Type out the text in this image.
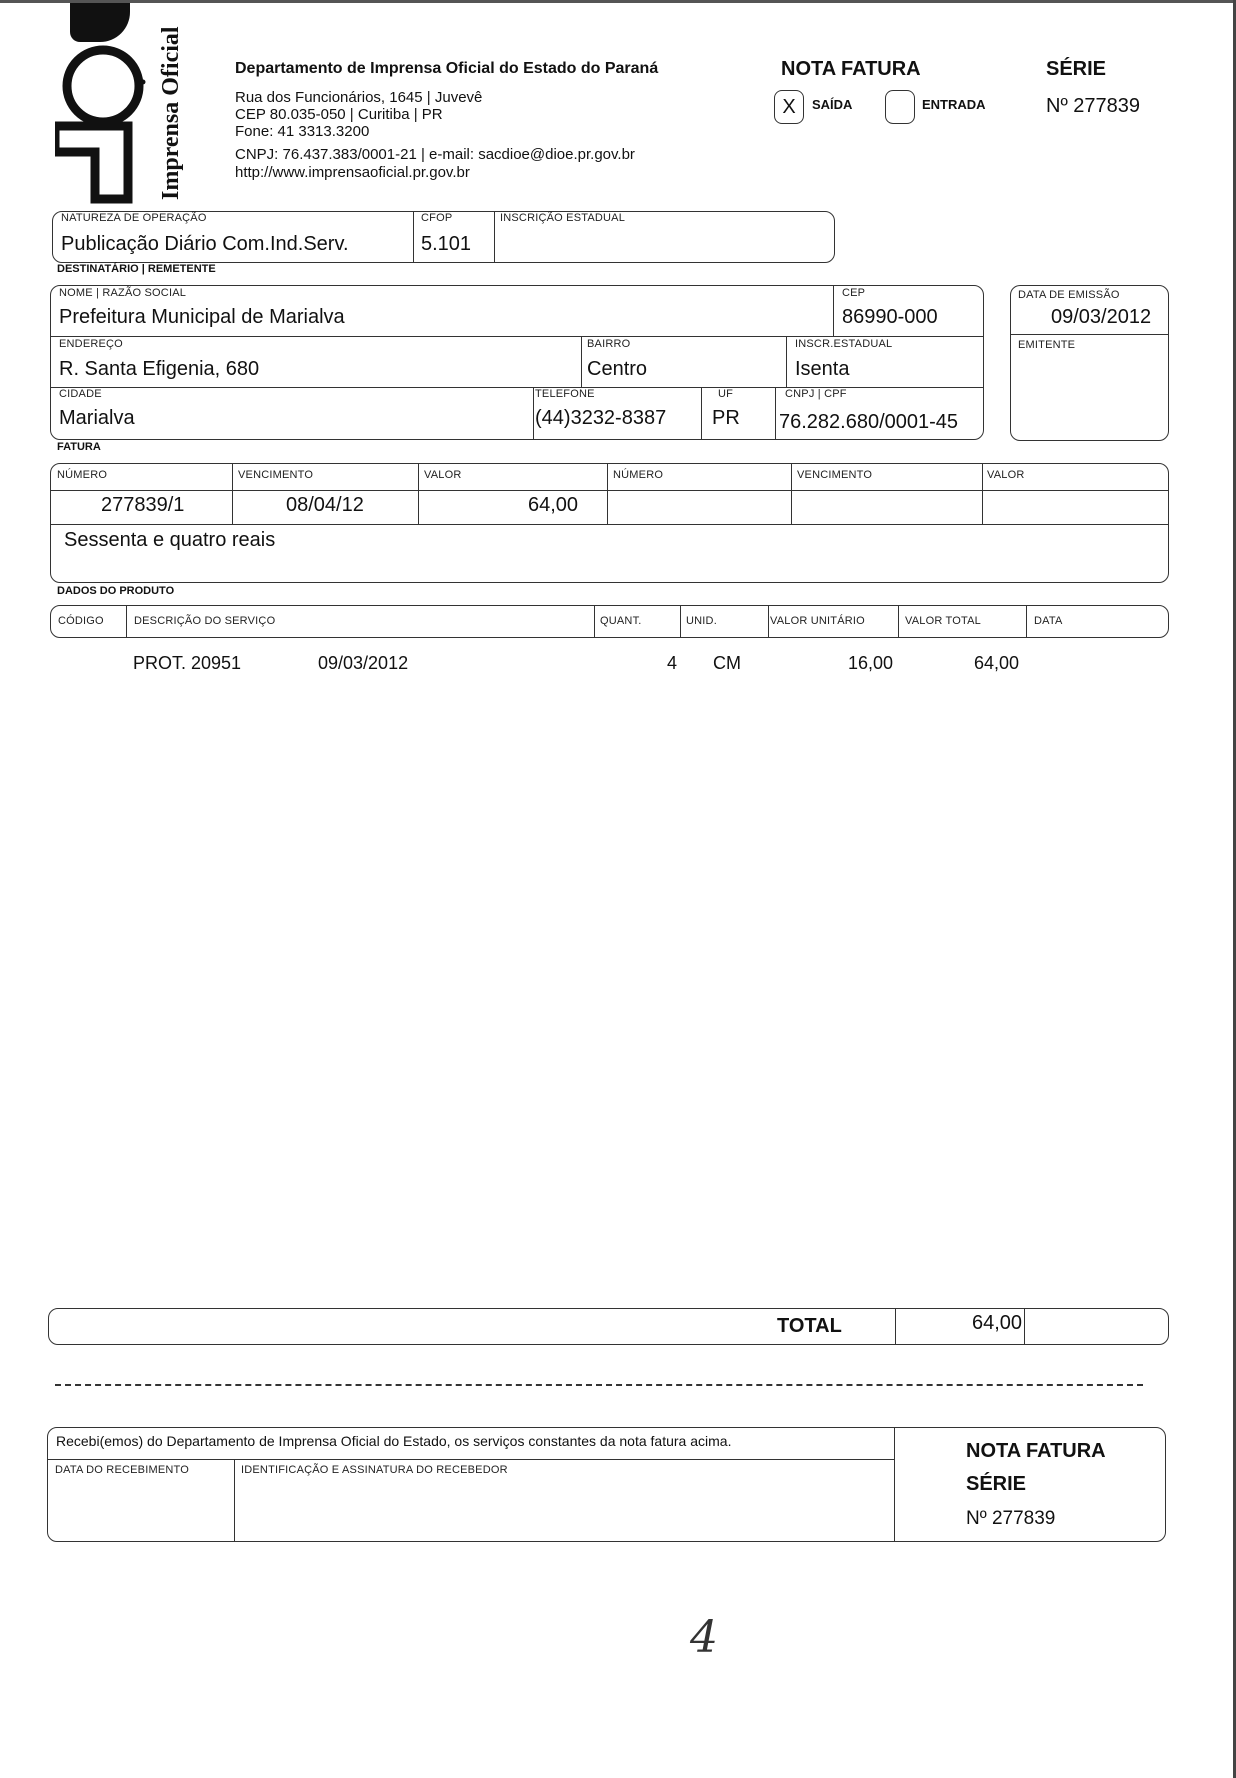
Imprensa Oficial	Departamento de Imprensa Oficial do Estado do Paraná
Rua dos Funcionários, 1645 | Juvevê
CEP 80.035-050 | Curitiba | PR
Fone: 41 3313.3200
CNPJ: 76.437.383/0001-21 | e-mail: sacdioe@dioe.pr.gov.br
http://www.imprensaoficial.pr.gov.br
NOTA FATURA
X	SAÍDA	ENTRADA
SÉRIE
Nº 277839
NATUREZA DE OPERAÇÃO
Publicação Diário Com.Ind.Serv.
CFOP
5.101
INSCRIÇÃO ESTADUAL
DESTINATÁRIO | REMETENTE
NOME | RAZÃO SOCIAL
Prefeitura Municipal de Marialva
CEP
86990-000
ENDEREÇO
R. Santa Efigenia, 680
BAIRRO
Centro
INSCR.ESTADUAL
Isenta
CIDADE
Marialva
TELEFONE
(44)3232-8387
UF
PR
CNPJ | CPF
76.282.680/0001-45
DATA DE EMISSÃO
09/03/2012
EMITENTE
FATURA
NÚMERO	VENCIMENTO	VALOR	NÚMERO	VENCIMENTO	VALOR
277839/1	08/04/12	64,00
Sessenta e quatro reais
DADOS DO PRODUTO
CÓDIGO	DESCRIÇÃO DO SERVIÇO	QUANT.	UNID.	VALOR UNITÁRIO	VALOR TOTAL	DATA
PROT. 20951	09/03/2012	4 CM	16,00	64,00
TOTAL	64,00
Recebi(emos) do Departamento de Imprensa Oficial do Estado, os serviços constantes da nota fatura acima.
DATA DO RECEBIMENTO	IDENTIFICAÇÃO E ASSINATURA DO RECEBEDOR
NOTA FATURA
SÉRIE
Nº 277839
4
